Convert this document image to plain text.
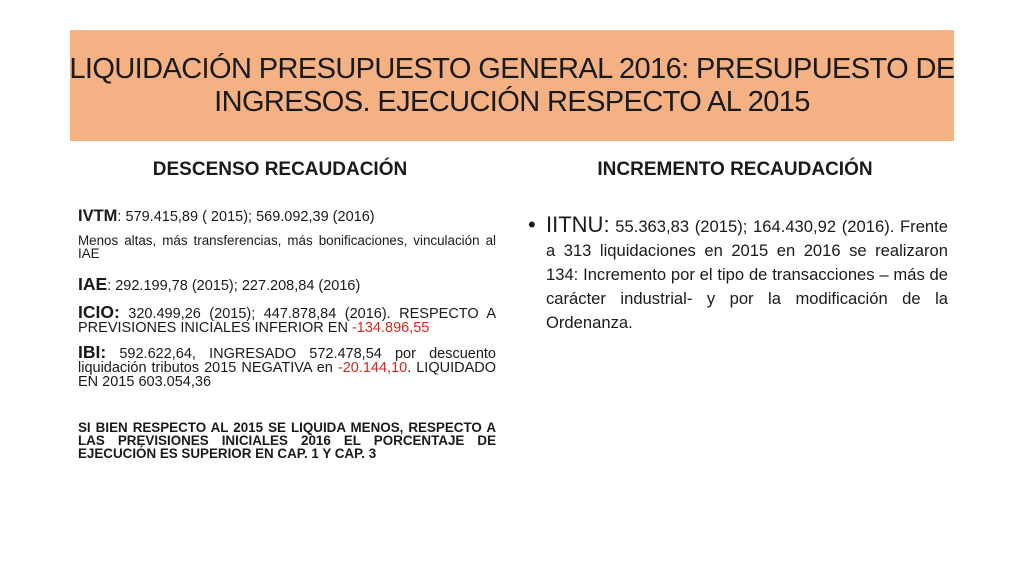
LIQUIDACIÓN PRESUPUESTO GENERAL 2016: PRESUPUESTO DE
INGRESOS. EJECUCIÓN RESPECTO AL 2015
DESCENSO RECAUDACIÓN	INCREMENTO RECAUDACIÓN

IVTM: 579.415,89 ( 2015); 569.092,39 (2016)

Menos altas, más transferencias, más bonificaciones, vinculación al IAE

IAE: 292.199,78 (2015); 227.208,84 (2016)

ICIO: 320.499,26 (2015); 447.878,84 (2016). RESPECTO A PREVISIONES INICIALES INFERIOR EN -134.896,55

IBI: 592.622,64, INGRESADO 572.478,54 por descuento liquidación tributos 2015 NEGATIVA en -20.144,10. LIQUIDADO EN 2015 603.054,36

SI BIEN RESPECTO AL 2015 SE LIQUIDA MENOS, RESPECTO A LAS PREVISIONES INICIALES 2016 EL PORCENTAJE DE EJECUCIÓN ES SUPERIOR EN CAP. 1 Y CAP. 3

• IITNU: 55.363,83 (2015); 164.430,92 (2016). Frente a 313 liquidaciones en 2015 en 2016 se realizaron 134: Incremento por el tipo de transacciones – más de carácter industrial- y por la modificación de la Ordenanza.
